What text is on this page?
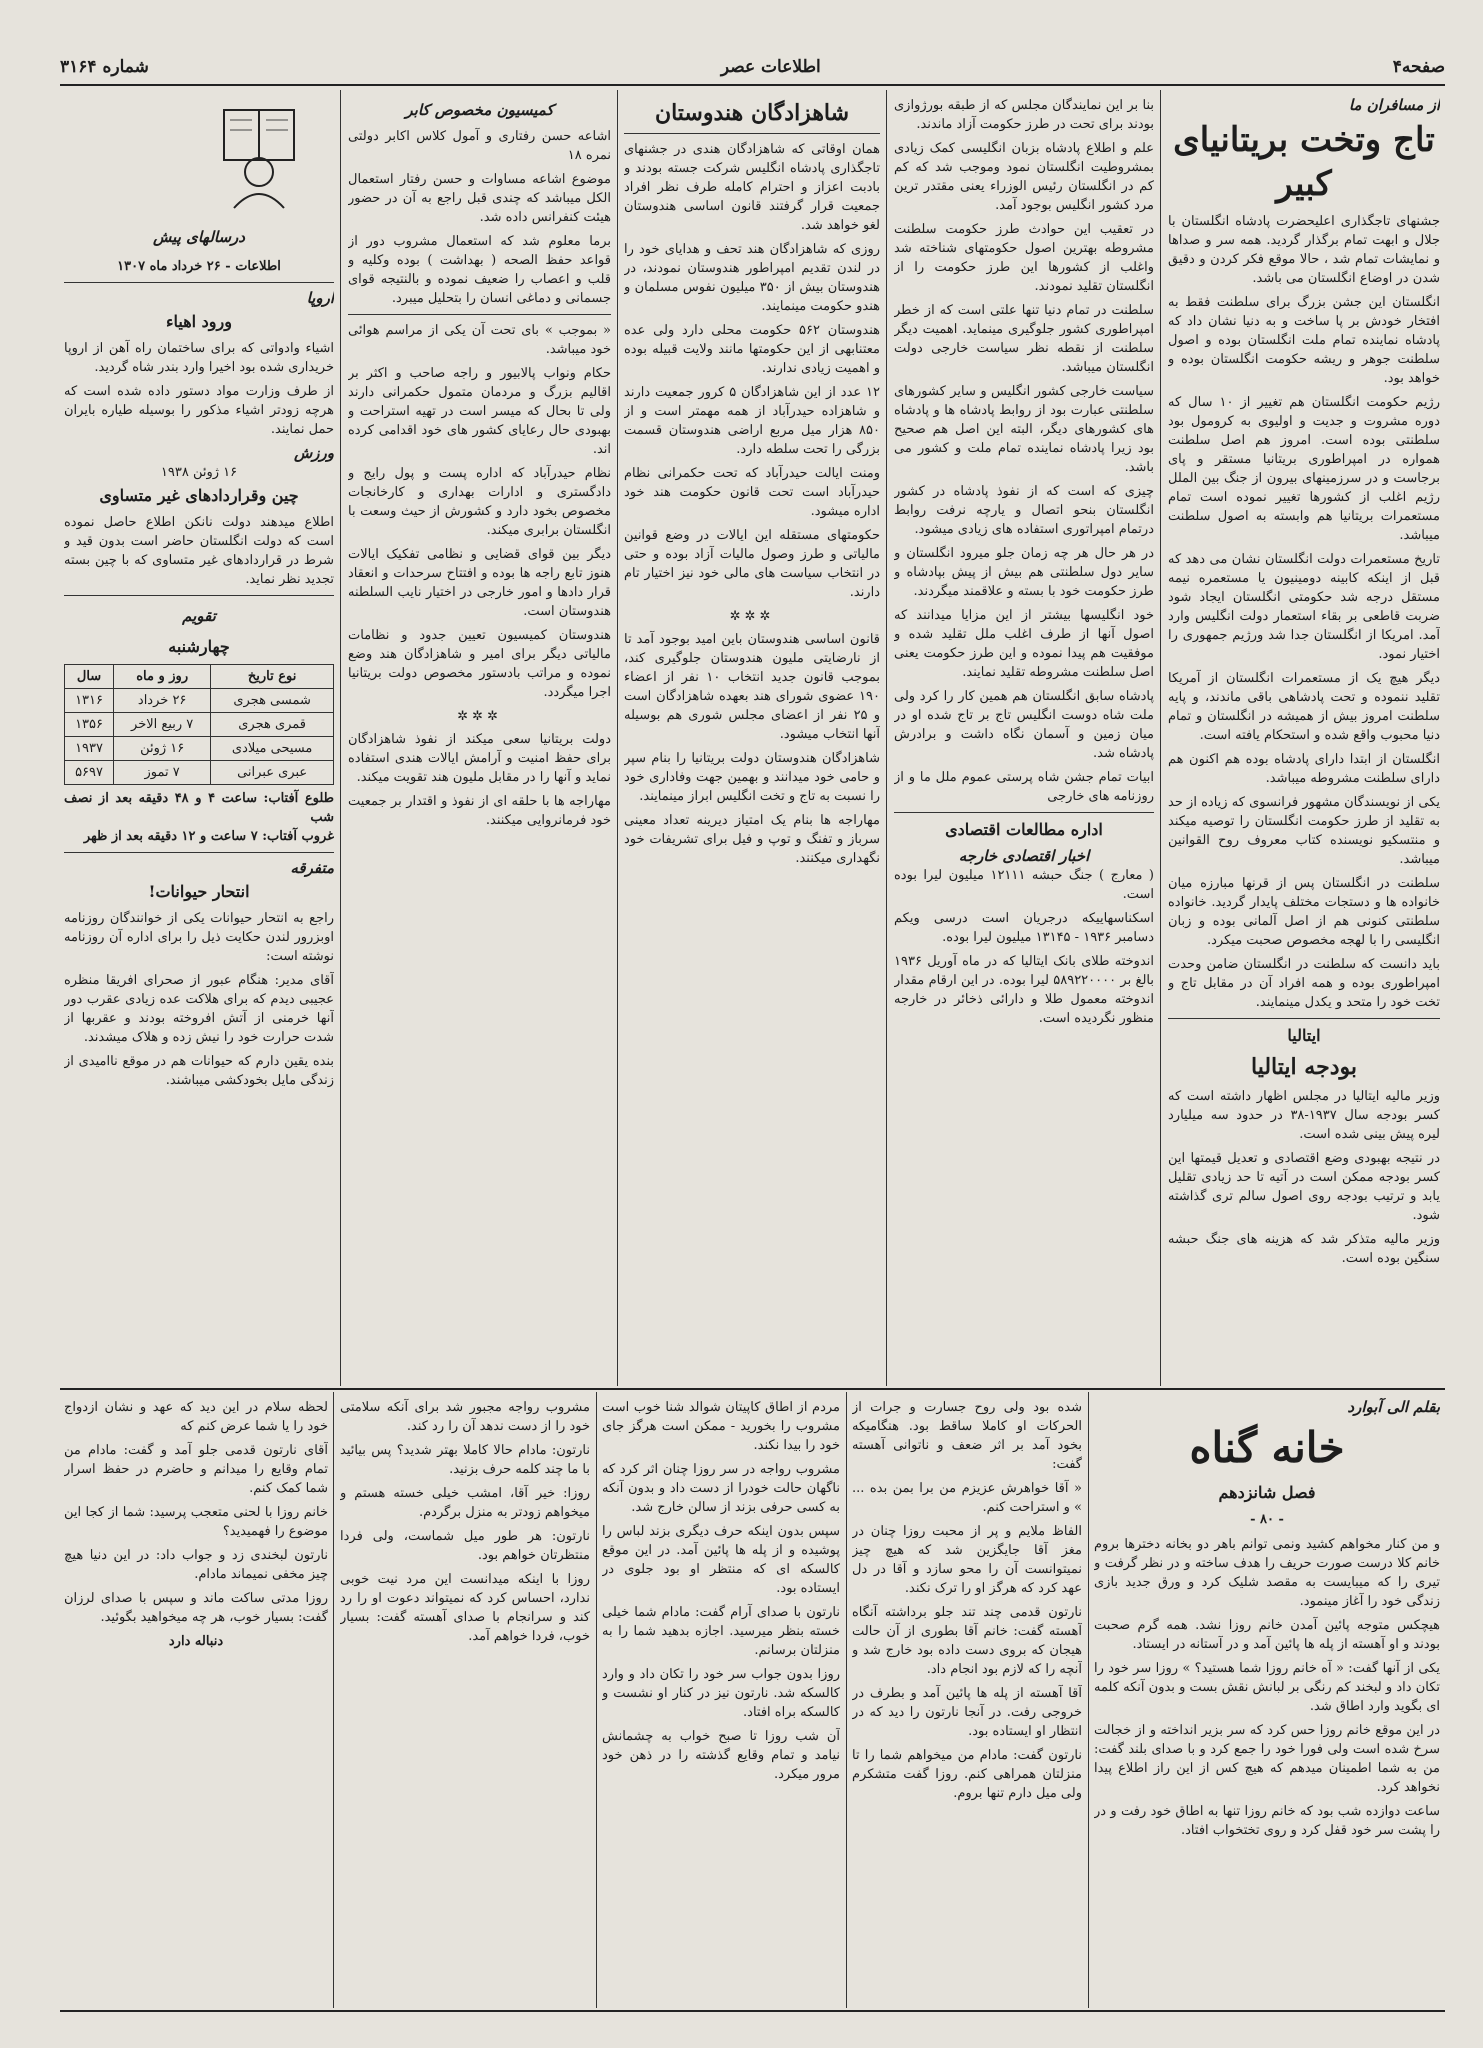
صفحه۴
اطلاعات عصر
شماره ۳۱۶۴
از مسافران ما
تاج وتخت بریتانیای کبیر

جشنهای تاجگذاری اعلیحضرت پادشاه انگلستان با جلال و ابهت تمام برگذار گردید. همه سر و صداها و نمایشات تمام شد ، حالا موقع فکر کردن و دقیق شدن در اوضاع انگلستان می باشد.

انگلستان این جشن بزرگ برای سلطنت فقط به افتخار خودش بر پا ساخت و به دنیا نشان داد که پادشاه نماینده تمام ملت انگلستان بوده و اصول سلطنت جوهر و ریشه حکومت انگلستان بوده و خواهد بود.

رژیم حکومت انگلستان هم تغییر از ۱۰ سال که دوره مشروت و جدیت و اولیوی به کرومول بود سلطنتی بوده است. امروز هم اصل سلطنت همواره در امپراطوری بریتانیا مستقر و پای برجاست و در سرزمینهای بیرون از جنگ بین الملل رژیم اغلب از کشورها تغییر نموده است تمام مستعمرات بریتانیا هم وابسته به اصول سلطنت میباشد.

تاریخ مستعمرات دولت انگلستان نشان می دهد که قبل از اینکه کابینه دومینیون یا مستعمره نیمه مستقل درجه شد حکومتی انگلستان ایجاد شود ضربت قاطعی بر بقاء استعمار دولت انگلیس وارد آمد. امریکا از انگلستان جدا شد ورژیم جمهوری را اختیار نمود.

دیگر هیچ یک از مستعمرات انگلستان از آمریکا تقلید ننموده و تحت پادشاهی باقی ماندند، و پایه سلطنت امروز بیش از همیشه در انگلستان و تمام دنیا محبوب واقع شده و استحکام یافته است.

انگلستان از ابتدا دارای پادشاه بوده هم اکنون هم دارای سلطنت مشروطه میباشد.

یکی از نویسندگان مشهور فرانسوی که زیاده از حد به تقلید از طرز حکومت انگلستان را توصیه میکند و منتسکیو نویسنده کتاب معروف روح القوانین میباشد.

سلطنت در انگلستان پس از قرنها مبارزه میان خانواده ها و دستجات مختلف پایدار گردید. خانواده سلطنتی کنونی هم از اصل آلمانی بوده و زبان انگلیسی را با لهجه مخصوص صحبت میکرد.

باید دانست که سلطنت در انگلستان ضامن وحدت امپراطوری بوده و همه افراد آن در مقابل تاج و تخت خود را متحد و یکدل مینمایند.

ایتالیا
بودجه ایتالیا

وزیر مالیه ایتالیا در مجلس اظهار داشته است که کسر بودجه سال ۱۹۳۷-۳۸ در حدود سه میلیارد لیره پیش بینی شده است.

در نتیجه بهبودی وضع اقتصادی و تعدیل قیمتها این کسر بودجه ممکن است در آتیه تا حد زیادی تقلیل یابد و ترتیب بودجه روی اصول سالم تری گذاشته شود.

وزیر مالیه متذکر شد که هزینه های جنگ حبشه سنگین بوده است.

بنا بر این نمایندگان مجلس که از طبقه بورژوازی بودند برای تحت در طرز حکومت آزاد ماندند.

علم و اطلاع پادشاه بزبان انگلیسی کمک زیادی بمشروطیت انگلستان نمود وموجب شد که کم کم در انگلستان رئیس الوزراء یعنی مقتدر ترین مرد کشور انگلیس بوجود آمد.

در تعقیب این حوادث طرز حکومت سلطنت مشروطه بهترین اصول حکومتهای شناخته شد واغلب از کشورها این طرز حکومت را از انگلستان تقلید نمودند.

سلطنت در تمام دنیا تنها علتی است که از خطر امپراطوری کشور جلوگیری مینماید. اهمیت دیگر سلطنت از نقطه نظر سیاست خارجی دولت انگلستان میباشد.

سیاست خارجی کشور انگلیس و سایر کشورهای سلطنتی عبارت بود از روابط پادشاه ها و پادشاه های کشورهای دیگر، البته این اصل هم صحیح بود زیرا پادشاه نماینده تمام ملت و کشور می باشد.

چیزی که است که از نفوذ پادشاه در کشور انگلستان بنحو اتصال و یارچه نرفت روابط درتمام امپراتوری استفاده های زیادی میشود.

در هر حال هر چه زمان جلو میرود انگلستان و سایر دول سلطنتی هم بیش از پیش بپادشاه و طرز حکومت خود با بسته و علاقمند میگردند.

خود انگلیسها بیشتر از این مزایا میدانند که اصول آنها از طرف اغلب ملل تقلید شده و موفقیت هم پیدا نموده و این طرز حکومت یعنی اصل سلطنت مشروطه تقلید نمایند.

پادشاه سابق انگلستان هم همین کار را کرد ولی ملت شاه دوست انگلیس تاج بر تاج شده او در میان زمین و آسمان نگاه داشت و برادرش پادشاه شد.

ابیات تمام جشن شاه پرستی عموم ملل ما و از روزنامه های خارجی

اداره مطالعات اقتصادی
اخبار اقتصادی خارجه

( معارج ) جنگ حبشه ۱۲۱۱۱ میلیون لیرا بوده است.

اسکناسهاییکه درجریان است درسی ویکم دسامبر ۱۹۳۶ - ۱۳۱۴۵ میلیون لیرا بوده.

اندوخته طلای بانک ایتالیا که در ماه آوریل ۱۹۳۶ بالغ بر ۵۸۹۲۲۰۰۰۰ لیرا بوده. در این ارقام مقدار اندوخته معمول طلا و دارائی ذخائر در خارجه منظور نگردیده است.

شاهزادگان هندوستان

همان اوقاتی که شاهزادگان هندی در جشنهای تاجگذاری پادشاه انگلیس شرکت جسته بودند و بادبت اعزاز و احترام کامله طرف نظر افراد جمعیت قرار گرفتند قانون اساسی هندوستان لغو خواهد شد.

روزی که شاهزادگان هند تحف و هدایای خود را در لندن تقدیم امپراطور هندوستان نمودند، در هندوستان بیش از ۳۵۰ میلیون نفوس مسلمان و هندو حکومت مینمایند.

هندوستان ۵۶۲ حکومت محلی دارد ولی عده معتنابهی از این حکومتها مانند ولایت قبیله بوده و اهمیت زیادی ندارند.

۱۲ عدد از این شاهزادگان ۵ کرور جمعیت دارند و شاهزاده حیدرآباد از همه مهمتر است و از ۸۵۰ هزار میل مربع اراضی هندوستان قسمت بزرگی را تحت سلطه دارد.

ومنت ایالت حیدرآباد که تحت حکمرانی نظام حیدرآباد است تحت قانون حکومت هند خود اداره میشود.

حکومتهای مستقله این ایالات در وضع قوانین مالیاتی و طرز وصول مالیات آزاد بوده و حتی در انتخاب سیاست های مالی خود نیز اختیار تام دارند.

✲✲✲

قانون اساسی هندوستان باین امید بوجود آمد تا از نارضایتی ملیون هندوستان جلوگیری کند، بموجب قانون جدید انتخاب ۱۰ نفر از اعضاء ۱۹۰ عضوی شورای هند بعهده شاهزادگان است و ۲۵ نفر از اعضای مجلس شوری هم بوسیله آنها انتخاب میشود.

شاهزادگان هندوستان دولت بریتانیا را بنام سپر و حامی خود میدانند و بهمین جهت وفاداری خود را نسبت به تاج و تخت انگلیس ابراز مینمایند.

مهاراجه ها بنام یک امتیاز دیرینه تعداد معینی سرباز و تفنگ و توپ و فیل برای تشریفات خود نگهداری میکنند.

کمیسیون مخصوص کابر

اشاعه حسن رفتاری و آمول کلاس اکابر دولتی نمره ۱۸

موضوع اشاعه مساوات و حسن رفتار استعمال الکل میباشد که چندی قبل راجع به آن در حضور هیئت کنفرانس داده شد.

برما معلوم شد که استعمال مشروب دور از قواعد حفظ الصحه ( بهداشت ) بوده وکلیه و قلب و اعصاب را ضعیف نموده و بالنتیجه قوای جسمانی و دماغی انسان را بتحلیل میبرد.

« بموجب » بای تحت آن یکی از مراسم هوائی خود میباشد.

حکام ونواب پالابیور و راجه صاحب و اکثر بر اقالیم بزرگ و مردمان متمول حکمرانی دارند ولی تا بحال که میسر است در تهیه استراحت و بهبودی حال رعایای کشور های خود اقدامی کرده اند.

نظام حیدرآباد که اداره پست و پول رایج و دادگستری و ادارات بهداری و کارخانجات مخصوص بخود دارد و کشورش از حیث وسعت با انگلستان برابری میکند.

دیگر بین قوای قضایی و نظامی تفکیک ایالات هنوز تابع راجه ها بوده و افتتاح سرحدات و انعقاد قرار دادها و امور خارجی در اختیار نایب السلطنه هندوستان است.

هندوستان کمیسیون تعیین جدود و نظامات مالیاتی دیگر برای امیر و شاهزادگان هند وضع نموده و مراتب بادستور مخصوص دولت بریتانیا اجرا میگردد.

✲✲✲

دولت بریتانیا سعی میکند از نفوذ شاهزادگان برای حفظ امنیت و آرامش ایالات هندی استفاده نماید و آنها را در مقابل ملیون هند تقویت میکند.

مهاراجه ها با حلقه ای از نفوذ و اقتدار بر جمعیت خود فرمانروایی میکنند.

درسالهای پیش
اطلاعات - ۲۶ خرداد ماه ۱۳۰۷
اروپا
ورود اهیاء

اشیاء وادواتی که برای ساختمان راه آهن از اروپا خریداری شده بود اخیرا وارد بندر شاه گردید.

از طرف وزارت مواد دستور داده شده است که هرچه زودتر اشیاء مذکور را بوسیله طیاره بایران حمل نمایند.

ورزش
۱۶ ژوئن ۱۹۳۸
چین وقراردادهای غیر متساوی

اطلاع میدهند دولت نانکن اطلاع حاصل نموده است که دولت انگلستان حاضر است بدون قید و شرط در قراردادهای غیر متساوی که با چین بسته تجدید نظر نماید.

تقویم
چهارشنبه
نوع تاریخ	روز و ماه	سال
شمسی هجری	۲۶ خرداد	۱۳۱۶
قمری هجری	۷ ربیع الاخر	۱۳۵۶
مسیحی میلادی	۱۶ ژوئن	۱۹۳۷
عبری عبرانی	۷ تموز	۵۶۹۷
طلوع آفتاب: ساعت ۴ و ۴۸ دقیقه بعد از نصف شب
غروب آفتاب: ۷ ساعت و ۱۲ دقیقه بعد از ظهر
متفرقه
انتحار حیوانات!

راجع به انتحار حیوانات یکی از خوانندگان روزنامه اوبزرور لندن حکایت ذیل را برای اداره آن روزنامه نوشته است:

آقای مدیر: هنگام عبور از صحرای افریقا منظره عجیبی دیدم که برای هلاکت عده زیادی عقرب دور آنها خرمنی از آتش افروخته بودند و عقربها از شدت حرارت خود را نیش زده و هلاک میشدند.

بنده یقین دارم که حیوانات هم در موقع ناامیدی از زندگی مایل بخودکشی میباشند.

بقلم الی آبوارد
خانه گناه
فصل شانزدهم
- ۸۰ -

و من کنار مخواهم کشید ونمی توانم باهر دو بخانه دخترها بروم خانم کلا درست صورت حریف را هدف ساخته و در نظر گرفت و تیری را که میبایست به مقصد شلیک کرد و ورق جدید بازی زندگی خود را آغاز مینمود.

هیچکس متوجه پائین آمدن خانم روزا نشد. همه گرم صحبت بودند و او آهسته از پله ها پائین آمد و در آستانه در ایستاد.

یکی از آنها گفت: « آه خانم روزا شما هستید؟ » روزا سر خود را تکان داد و لبخند کم رنگی بر لبانش نقش بست و بدون آنکه کلمه ای بگوید وارد اطاق شد.

در این موقع خانم روزا حس کرد که سر بزیر انداخته و از خجالت سرخ شده است ولی فورا خود را جمع کرد و با صدای بلند گفت: من به شما اطمینان میدهم که هیچ کس از این راز اطلاع پیدا نخواهد کرد.

ساعت دوازده شب بود که خانم روزا تنها به اطاق خود رفت و در را پشت سر خود قفل کرد و روی تختخواب افتاد.

شده بود ولی روح جسارت و جرات از الحرکات او کاملا ساقط بود. هنگامیکه بخود آمد بر اثر ضعف و ناتوانی آهسته گفت:

« آقا خواهرش عزیزم من برا بمن بده ... » و استراحت کنم.

الفاظ ملایم و پر از محبت روزا چنان در مغز آقا جایگزین شد که هیچ چیز نمیتوانست آن را محو سازد و آقا در دل عهد کرد که هرگز او را ترک نکند.

نارتون قدمی چند تند جلو برداشته آنگاه آهسته گفت: خانم آقا بطوری از آن حالت هیجان که بروی دست داده بود خارج شد و آنچه را که لازم بود انجام داد.

آقا آهسته از پله ها پائین آمد و بطرف در خروجی رفت. در آنجا نارتون را دید که در انتظار او ایستاده بود.

نارتون گفت: مادام من میخواهم شما را تا منزلتان همراهی کنم. روزا گفت متشکرم ولی میل دارم تنها بروم.

مردم از اطاق کاپیتان شوالد شنا خوب است مشروب را بخورید - ممکن است هرگز جای خود را بیدا نکند.

مشروب رواجه در سر روزا چنان اثر کرد که ناگهان حالت خودرا از دست داد و بدون آنکه به کسی حرفی بزند از سالن خارج شد.

سپس بدون اینکه حرف دیگری بزند لباس را پوشیده و از پله ها پائین آمد. در این موقع کالسکه ای که منتظر او بود جلوی در ایستاده بود.

نارتون با صدای آرام گفت: مادام شما خیلی خسته بنظر میرسید. اجازه بدهید شما را به منزلتان برسانم.

روزا بدون جواب سر خود را تکان داد و وارد کالسکه شد. نارتون نیز در کنار او نشست و کالسکه براه افتاد.

آن شب روزا تا صبح خواب به چشمانش نیامد و تمام وقایع گذشته را در ذهن خود مرور میکرد.

مشروب رواجه مجبور شد برای آنکه سلامتی خود را از دست ندهد آن را رد کند.

نارتون: مادام حالا کاملا بهتر شدید؟ پس بیائید با ما چند کلمه حرف بزنید.

روزا: خیر آقا، امشب خیلی خسته هستم و میخواهم زودتر به منزل برگردم.

نارتون: هر طور میل شماست، ولی فردا منتظرتان خواهم بود.

روزا با اینکه میدانست این مرد نیت خوبی ندارد، احساس کرد که نمیتواند دعوت او را رد کند و سرانجام با صدای آهسته گفت: بسیار خوب، فردا خواهم آمد.

لحظه سلام در این دید که عهد و نشان ازدواج خود را یا شما عرض کنم که

آقای نارتون قدمی جلو آمد و گفت: مادام من تمام وقایع را میدانم و حاضرم در حفظ اسرار شما کمک کنم.

خانم روزا با لحنی متعجب پرسید: شما از کجا این موضوع را فهمیدید؟

نارتون لبخندی زد و جواب داد: در این دنیا هیچ چیز مخفی نمیماند مادام.

روزا مدتی ساکت ماند و سپس با صدای لرزان گفت: بسیار خوب، هر چه میخواهید بگوئید.

دنباله دارد
